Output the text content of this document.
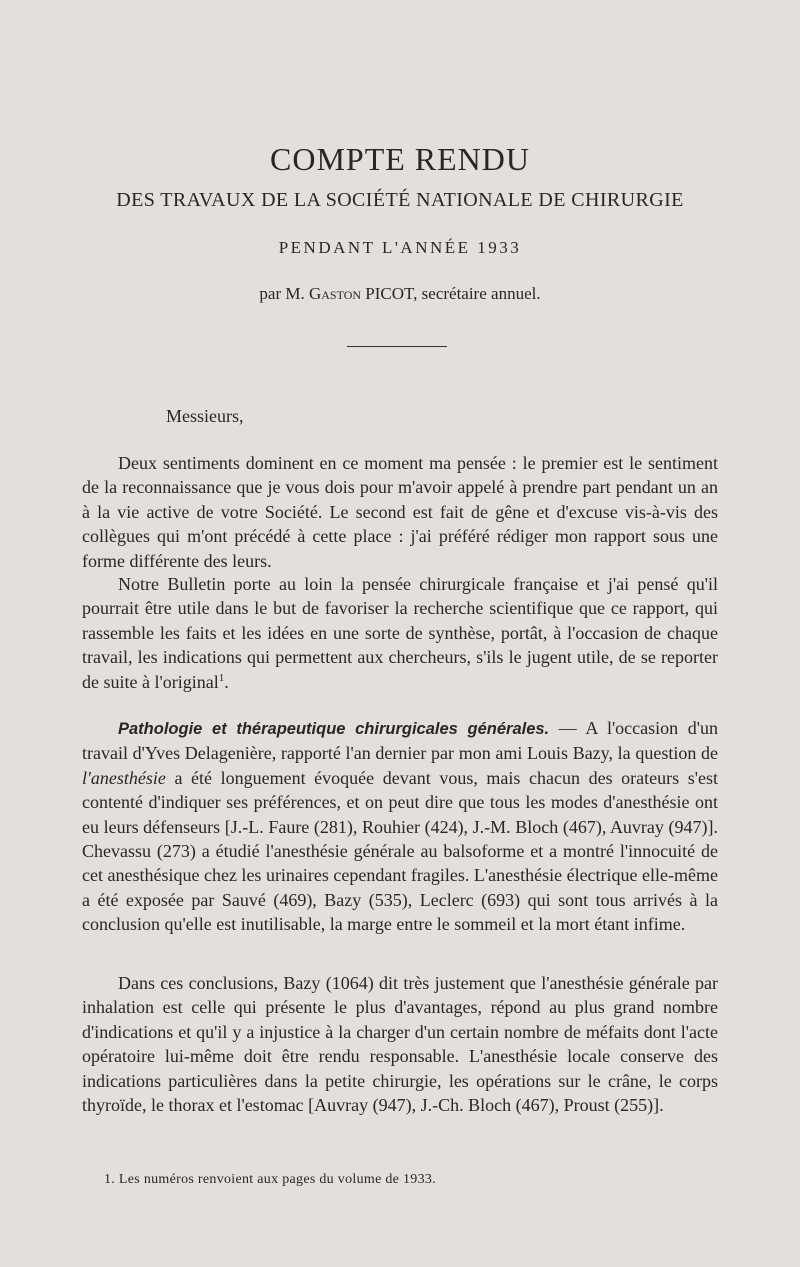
COMPTE RENDU
DES TRAVAUX DE LA SOCIÉTÉ NATIONALE DE CHIRURGIE
PENDANT L'ANNÉE 1933

par M. Gaston PICOT, secrétaire annuel.

Messieurs,

Deux sentiments dominent en ce moment ma pensée : le premier est le sentiment de la reconnaissance que je vous dois pour m'avoir appelé à prendre part pendant un an à la vie active de votre Société. Le second est fait de gêne et d'excuse vis-à-vis des collègues qui m'ont précédé à cette place : j'ai préféré rédiger mon rapport sous une forme différente des leurs.

Notre Bulletin porte au loin la pensée chirurgicale française et j'ai pensé qu'il pourrait être utile dans le but de favoriser la recherche scientifique que ce rapport, qui rassemble les faits et les idées en une sorte de synthèse, portât, à l'occasion de chaque travail, les indications qui permettent aux chercheurs, s'ils le jugent utile, de se reporter de suite à l'original$^1$.

Pathologie et thérapeutique chirurgicales générales. — A l'occasion d'un travail d'Yves Delagenière, rapporté l'an dernier par mon ami Louis Bazy, la question de l'anesthésie a été longuement évoquée devant vous, mais chacun des orateurs s'est contenté d'indiquer ses préférences, et on peut dire que tous les modes d'anesthésie ont eu leurs défenseurs [J.-L. Faure (281), Rouhier (424), J.-M. Bloch (467), Auvray (947)]. Chevassu (273) a étudié l'anesthésie générale au balsoforme et a montré l'innocuité de cet anesthésique chez les urinaires cependant fragiles. L'anesthésie électrique elle-même a été exposée par Sauvé (469), Bazy (535), Leclerc (693) qui sont tous arrivés à la conclusion qu'elle est inutilisable, la marge entre le sommeil et la mort étant infime.

Dans ces conclusions, Bazy (1064) dit très justement que l'anesthésie générale par inhalation est celle qui présente le plus d'avantages, répond au plus grand nombre d'indications et qu'il y a injustice à la charger d'un certain nombre de méfaits dont l'acte opératoire lui-même doit être rendu responsable. L'anesthésie locale conserve des indications particulières dans la petite chirurgie, les opérations sur le crâne, le corps thyroïde, le thorax et l'estomac [Auvray (947), J.-Ch. Bloch (467), Proust (255)].

1. Les numéros renvoient aux pages du volume de 1933.
